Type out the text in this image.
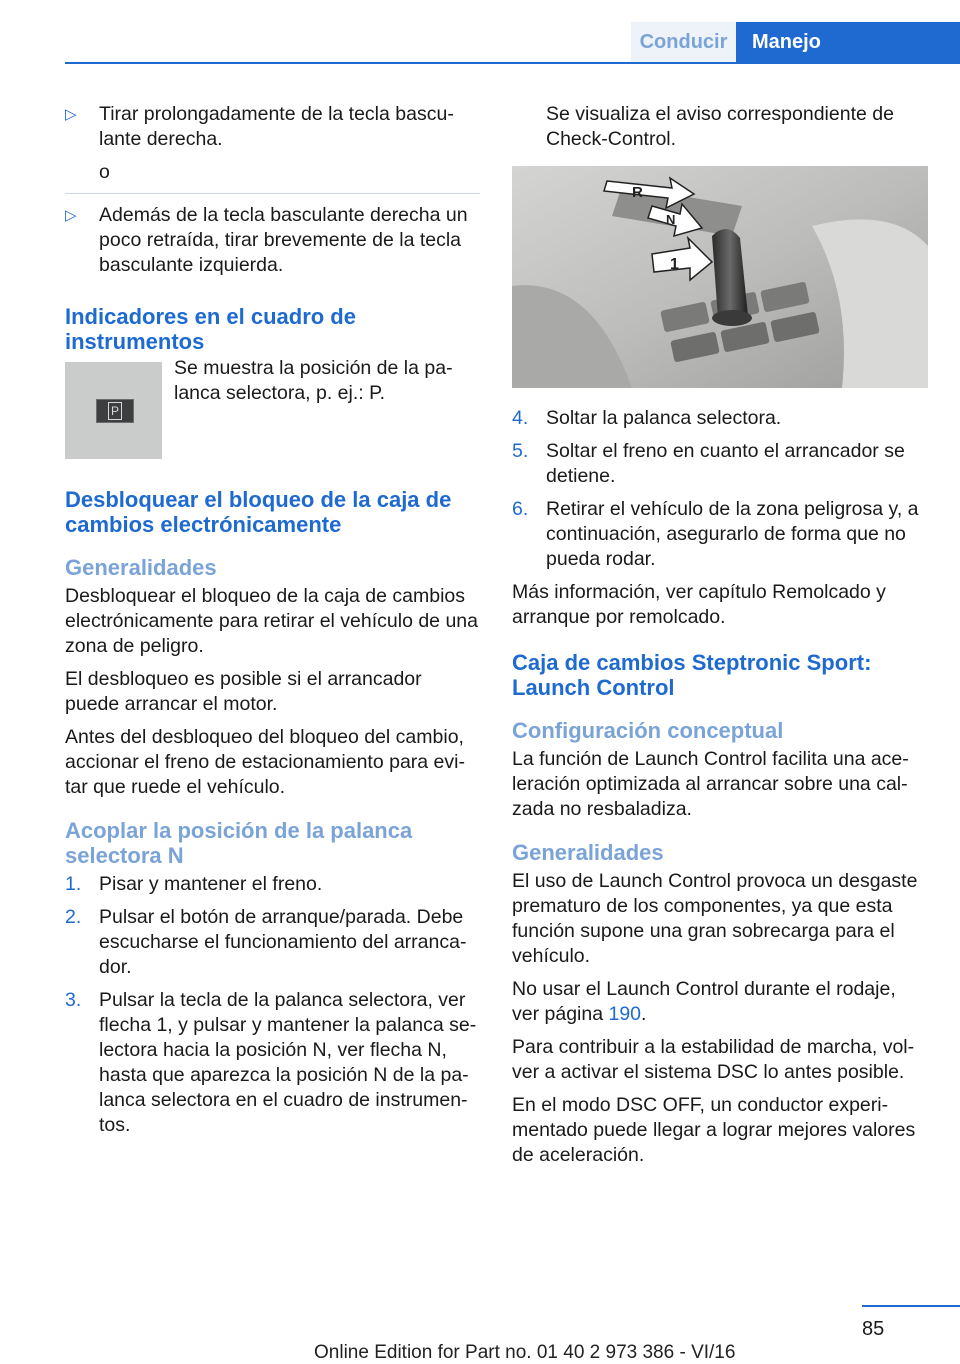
Conducir	Manejo
▷ Tirar prolongadamente de la tecla bascu‐lante derecha.
o
▷ Además de la tecla basculante derecha un poco retraída, tirar brevemente de la tecla basculante izquierda.
Indicadores en el cuadro de instrumentos
P
Se muestra la posición de la pa‐lanca selectora, p. ej.: P.
Desbloquear el bloqueo de la caja de cambios electrónicamente
Generalidades

Desbloquear el bloqueo de la caja de cambios electrónicamente para retirar el vehículo de una zona de peligro.

El desbloqueo es posible si el arrancador puede arrancar el motor.

Antes del desbloqueo del bloqueo del cambio, accionar el freno de estacionamiento para evi‐tar que ruede el vehículo.

Acoplar la posición de la palanca selectora N
1. Pisar y mantener el freno.
2. Pulsar el botón de arranque/parada. Debe escucharse el funcionamiento del arranca‐dor.
3. Pulsar la tecla de la palanca selectora, ver flecha 1, y pulsar y mantener la palanca se‐lectora hacia la posición N, ver flecha N, hasta que aparezca la posición N de la pa‐lanca selectora en el cuadro de instrumen‐tos.

Se visualiza el aviso correspondiente de Check-Control.

R
N
1
4. Soltar la palanca selectora.
5. Soltar el freno en cuanto el arrancador se detiene.
6. Retirar el vehículo de la zona peligrosa y, a continuación, asegurarlo de forma que no pueda rodar.

Más información, ver capítulo Remolcado y arranque por remolcado.

Caja de cambios Steptronic Sport: Launch Control
Configuración conceptual

La función de Launch Control facilita una ace‐leración optimizada al arrancar sobre una cal‐zada no resbaladiza.

Generalidades

El uso de Launch Control provoca un desgaste prematuro de los componentes, ya que esta función supone una gran sobrecarga para el vehículo.

No usar el Launch Control durante el rodaje, ver página 190.

Para contribuir a la estabilidad de marcha, vol‐ver a activar el sistema DSC lo antes posible.

En el modo DSC OFF, un conductor experi‐mentado puede llegar a lograr mejores valores de aceleración.

85
Online Edition for Part no. 01 40 2 973 386 - VI/16
